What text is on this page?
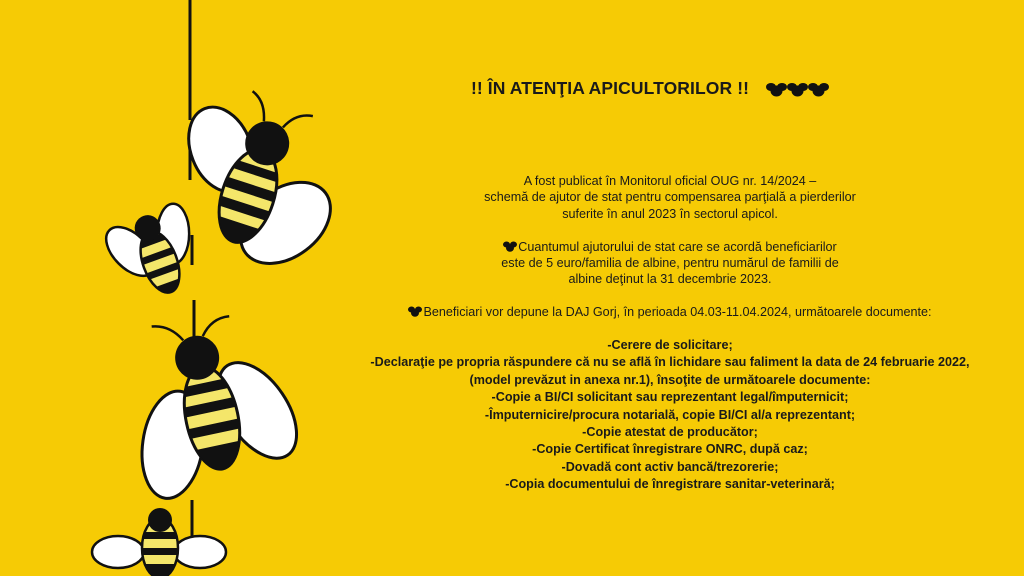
!! ÎN ATENŢIA APICULTORILOR !!
A fost publicat în Monitorul oficial OUG nr. 14/2024 –
schemă de ajutor de stat pentru compensarea parţială a pierderilor
suferite în anul 2023 în sectorul apicol.
Cuantumul ajutorului de stat care se acordă beneficiarilor
este de 5 euro/familia de albine, pentru numărul de familii de
albine deţinut la 31 decembrie 2023.
Beneficiari vor depune la DAJ Gorj, în perioada 04.03-11.04.2024, următoarele documente:
-Cerere de solicitare;
-Declaraţie pe propria răspundere că nu se află în lichidare sau faliment la data de 24 februarie 2022,
(model prevăzut in anexa nr.1), însoţite de următoarele documente:
-Copie a BI/CI solicitant sau reprezentant legal/împuternicit;
-Împuternicire/procura notarială, copie BI/CI al/a reprezentant;
-Copie atestat de producător;
-Copie Certificat înregistrare ONRC, după caz;
-Dovadă cont activ bancă/trezorerie;
-Copia documentului de înregistrare sanitar-veterinară;
